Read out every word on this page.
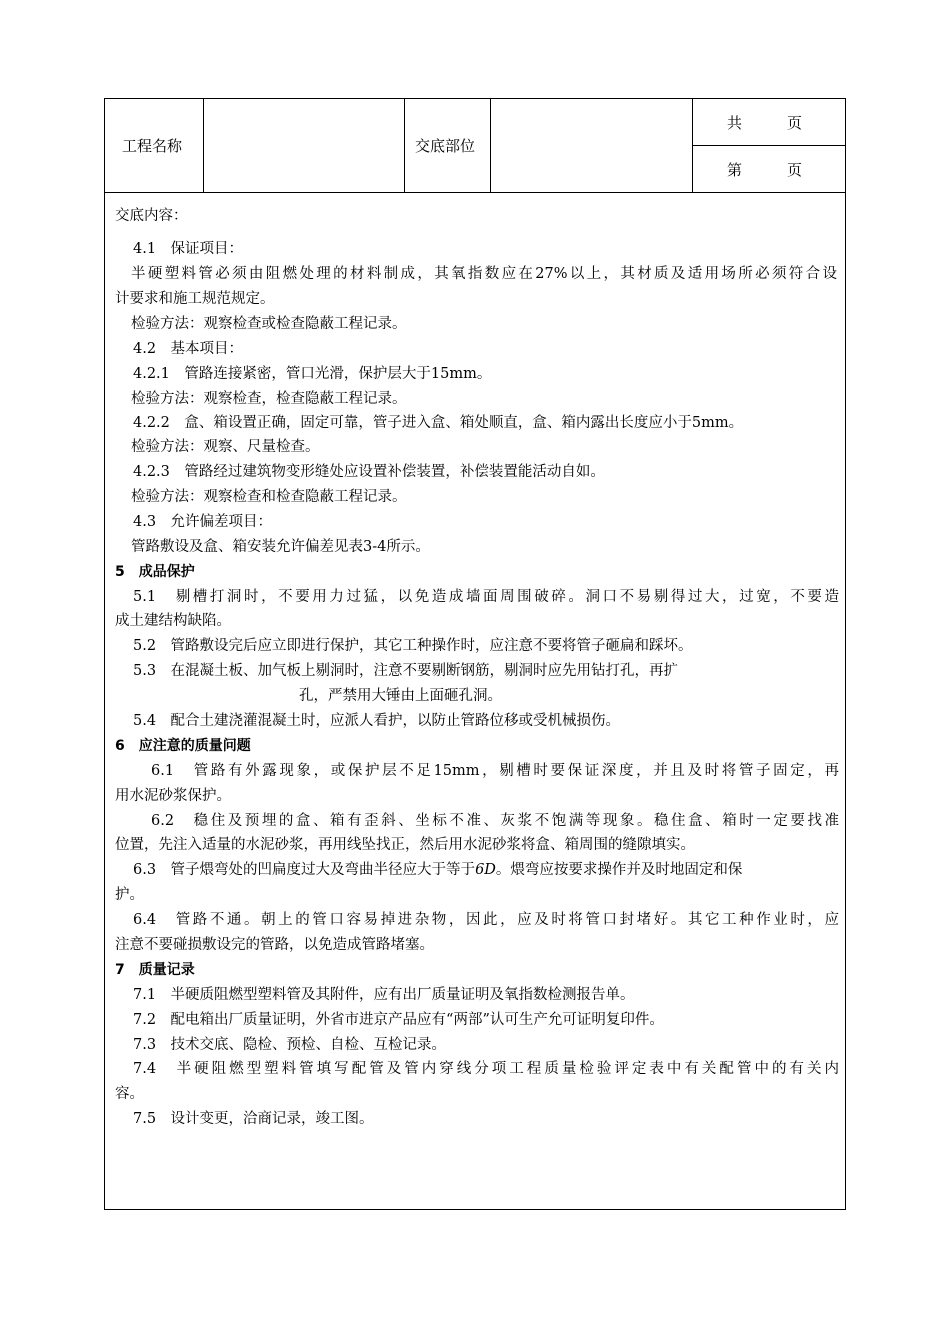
工程名称	交底部位
共　　　页
第　　　页
交底内容：
4.1　保证项目：
半硬塑料管必须由阻燃处理的材料制成，其氧指数应在27%以上，其材质及适用场所必须符合设
计要求和施工规范规定。
检验方法：观察检查或检查隐蔽工程记录。
4.2　基本项目：
4.2.1　管路连接紧密，管口光滑，保护层大于15mm。
检验方法：观察检查，检查隐蔽工程记录。
4.2.2　盒、箱设置正确，固定可靠，管子进入盒、箱处顺直，盒、箱内露出长度应小于5mm。
检验方法：观察、尺量检查。
4.2.3　管路经过建筑物变形缝处应设置补偿装置，补偿装置能活动自如。
检验方法：观察检查和检查隐蔽工程记录。
4.3　允许偏差项目：
管路敷设及盒、箱安装允许偏差见表3-4所示。
5　成品保护
5.1　剔槽打洞时，不要用力过猛，以免造成墙面周围破碎。洞口不易剔得过大，过宽，不要造
成土建结构缺陷。
5.2　管路敷设完后应立即进行保护，其它工种操作时，应注意不要将管子砸扁和踩坏。
5.3　在混凝土板、加气板上剔洞时，注意不要剔断钢筋，剔洞时应先用钻打孔，再扩
孔，严禁用大锤由上面砸孔洞。
5.4　配合土建浇灌混凝土时，应派人看护，以防止管路位移或受机械损伤。
6　应注意的质量问题
6.1　管路有外露现象，或保护层不足15mm，剔槽时要保证深度，并且及时将管子固定，再
用水泥砂浆保护。
6.2　稳住及预埋的盒、箱有歪斜、坐标不准、灰浆不饱满等现象。稳住盒、箱时一定要找准
位置，先注入适量的水泥砂浆，再用线坠找正，然后用水泥砂浆将盒、箱周围的缝隙填实。
6.3　管子煨弯处的凹扁度过大及弯曲半径应大于等于6D。煨弯应按要求操作并及时地固定和保
护。
6.4　管路不通。朝上的管口容易掉进杂物，因此，应及时将管口封堵好。其它工种作业时，应
注意不要碰损敷设完的管路，以免造成管路堵塞。
7　质量记录
7.1　半硬质阻燃型塑料管及其附件，应有出厂质量证明及氧指数检测报告单。
7.2　配电箱出厂质量证明，外省市进京产品应有“两部”认可生产允可证明复印件。
7.3　技术交底、隐检、预检、自检、互检记录。
7.4　半硬阻燃型塑料管填写配管及管内穿线分项工程质量检验评定表中有关配管中的有关内
容。
7.5　设计变更，洽商记录，竣工图。
